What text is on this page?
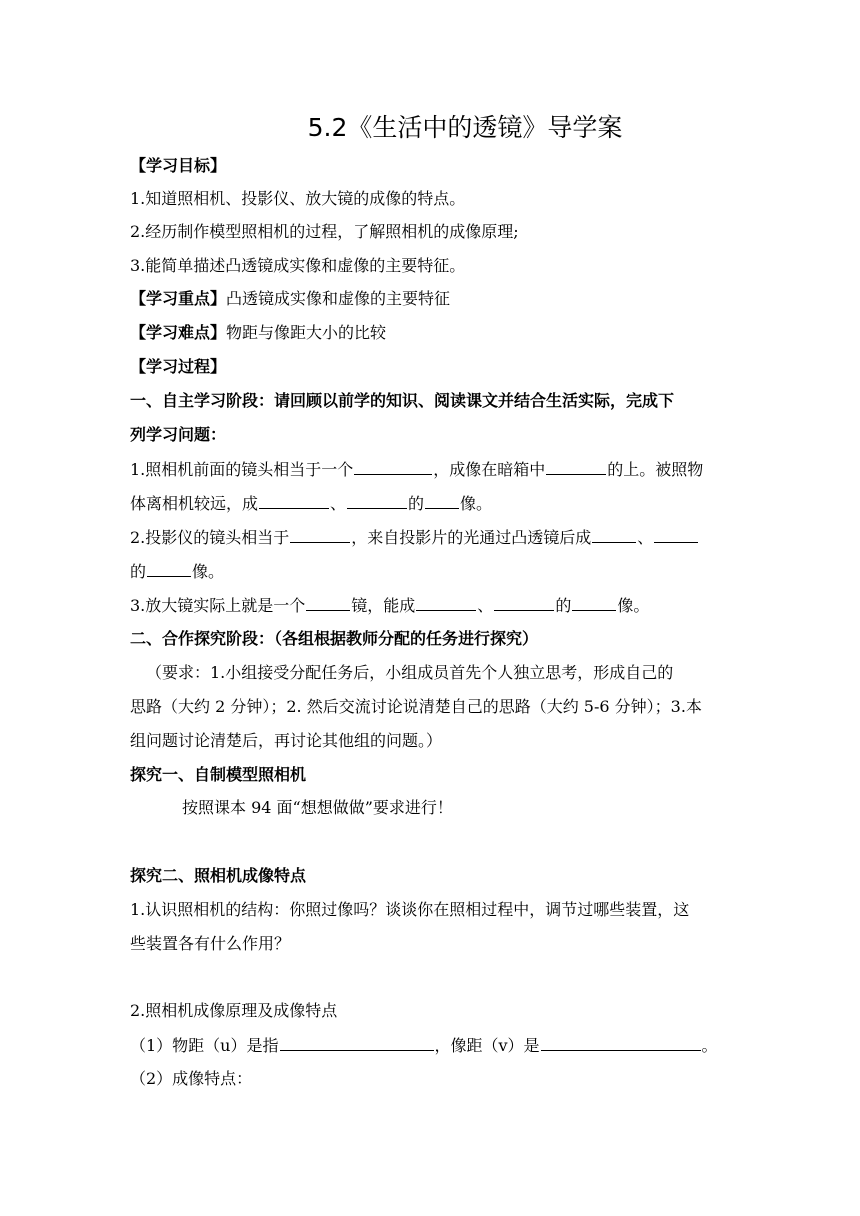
5.2《生活中的透镜》导学案
【学习目标】
1.知道照相机、投影仪、放大镜的成像的特点。
2.经历制作模型照相机的过程，了解照相机的成像原理;
3.能简单描述凸透镜成实像和虚像的主要特征。
【学习重点】凸透镜成实像和虚像的主要特征
【学习难点】物距与像距大小的比较
【学习过程】
一、自主学习阶段：请回顾以前学的知识、阅读课文并结合生活实际，完成下
列学习问题：
1.照相机前面的镜头相当于一个	，成像在暗箱中	的上。被照物
体离相机较远，成	、	的 像。
2.投影仪的镜头相当于	，来自投影片的光通过凸透镜后成	、
的	像。
3.放大镜实际上就是一个	镜，能成	、	的	像。
二、合作探究阶段：（各组根据教师分配的任务进行探究）
（要求：1.小组接受分配任务后，小组成员首先个人独立思考，形成自己的
思路（大约 2 分钟）；2. 然后交流讨论说清楚自己的思路（大约 5-6 分钟）；3.本
组问题讨论清楚后，再讨论其他组的问题。）
探究一、自制模型照相机
按照课本 94 面“想想做做”要求进行！
探究二、照相机成像特点
1.认识照相机的结构：你照过像吗？谈谈你在照相过程中，调节过哪些装置，这
些装置各有什么作用？
2.照相机成像原理及成像特点
（1）物距（u）是指	，像距（v）是	。
（2）成像特点：
